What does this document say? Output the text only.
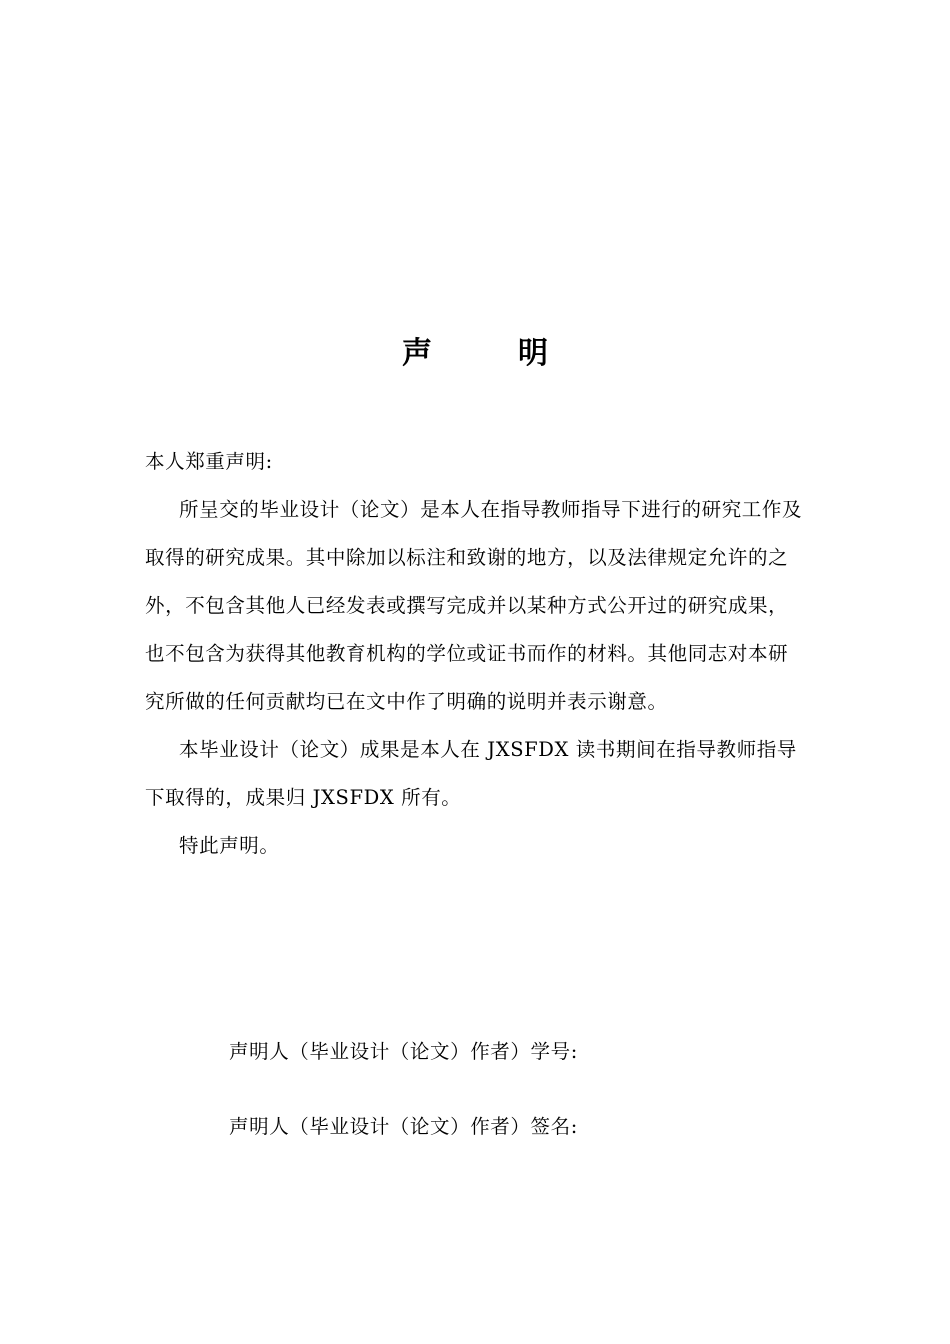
声	明

本人郑重声明:

所呈交的毕业设计（论文）是本人在指导教师指导下进行的研究工作及取得的研究成果。其中除加以标注和致谢的地方，以及法律规定允许的之外，不包含其他人已经发表或撰写完成并以某种方式公开过的研究成果，也不包含为获得其他教育机构的学位或证书而作的材料。其他同志对本研究所做的任何贡献均已在文中作了明确的说明并表示谢意。

本毕业设计（论文）成果是本人在 JXSFDX 读书期间在指导教师指导下取得的，成果归 JXSFDX 所有。

特此声明。

声明人（毕业设计（论文）作者）学号:
声明人（毕业设计（论文）作者）签名:
